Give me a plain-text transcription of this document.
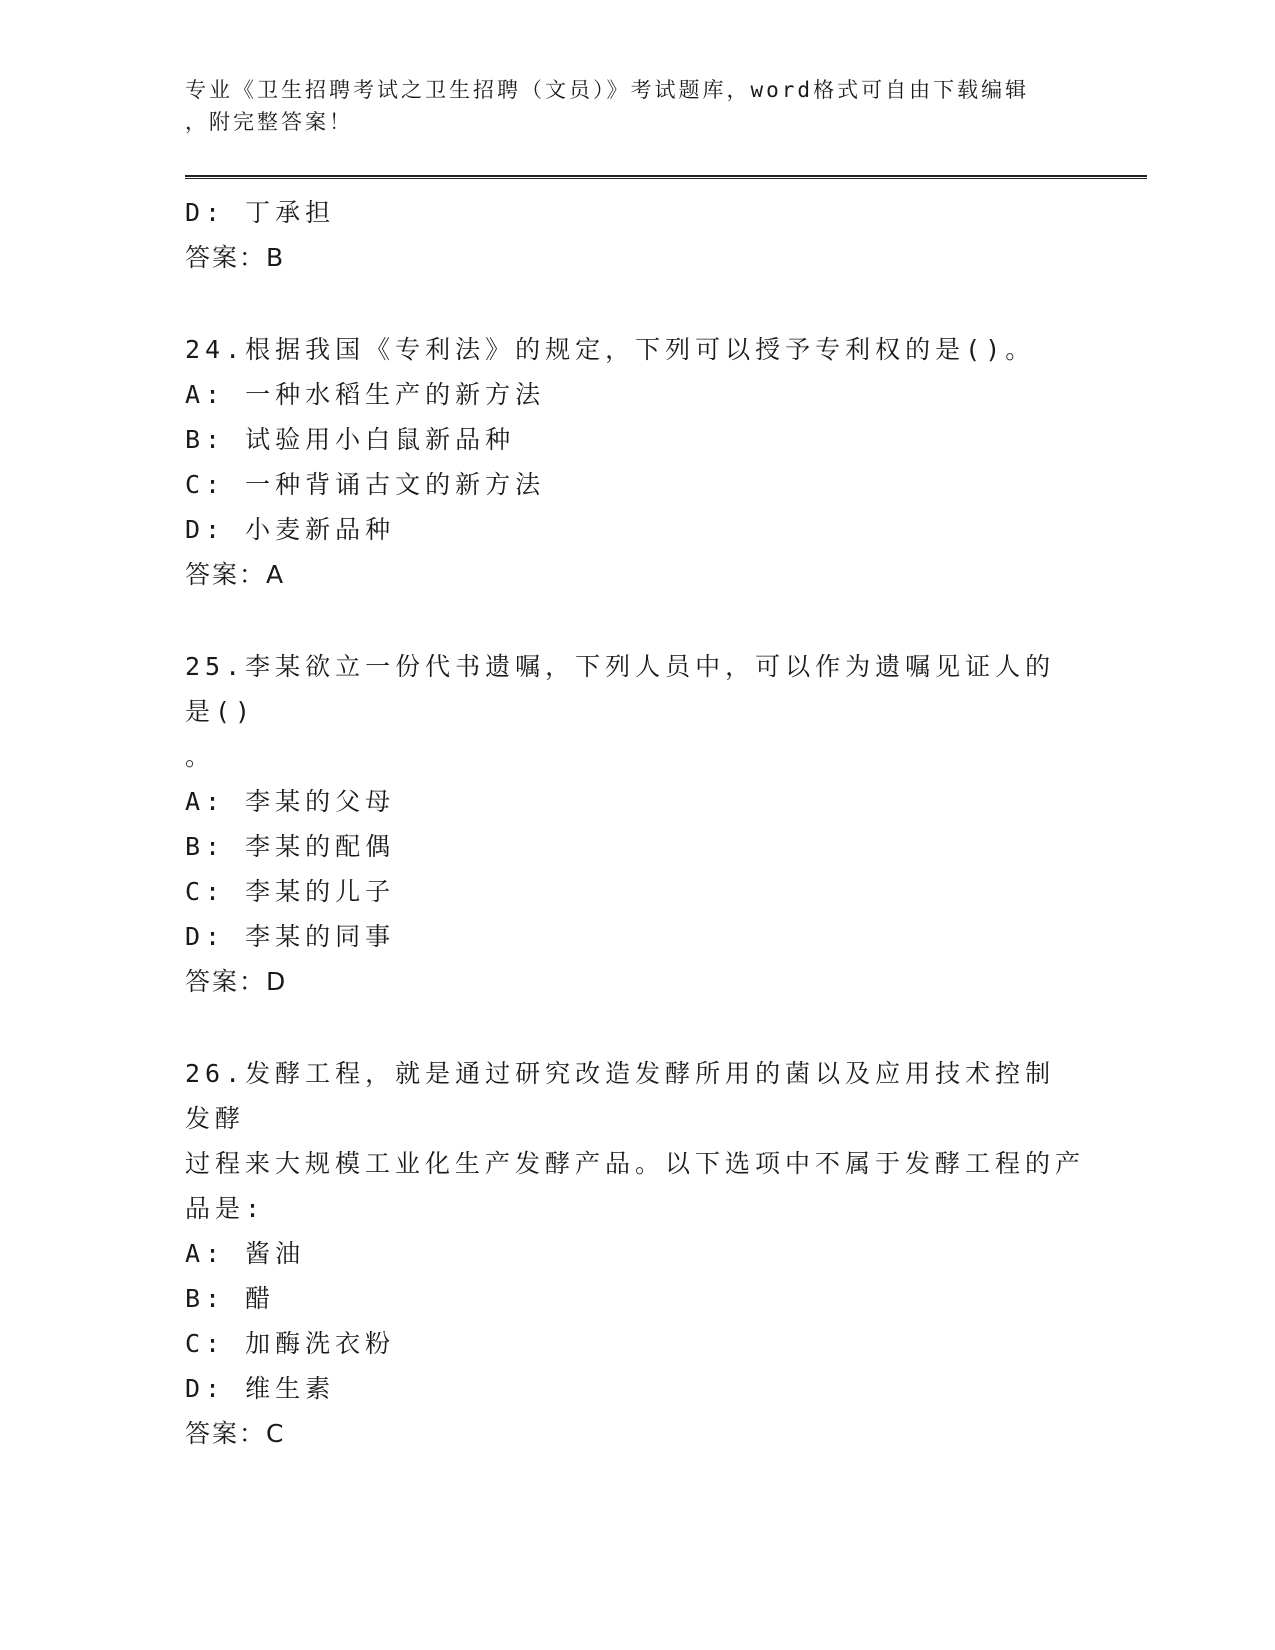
专业《卫生招聘考试之卫生招聘（文员）》考试题库，word格式可自由下载编辑
，附完整答案！
D: 丁承担
答案：B
24.根据我国《专利法》的规定，下列可以授予专利权的是()。
A: 一种水稻生产的新方法
B: 试验用小白鼠新品种
C: 一种背诵古文的新方法
D: 小麦新品种
答案：A
25.李某欲立一份代书遗嘱，下列人员中，可以作为遗嘱见证人的是()
。
A: 李某的父母
B: 李某的配偶
C: 李某的儿子
D: 李某的同事
答案：D
26.发酵工程，就是通过研究改造发酵所用的菌以及应用技术控制发酵
过程来大规模工业化生产发酵产品。以下选项中不属于发酵工程的产
品是:
A: 酱油
B: 醋
C: 加酶洗衣粉
D: 维生素
答案：C
